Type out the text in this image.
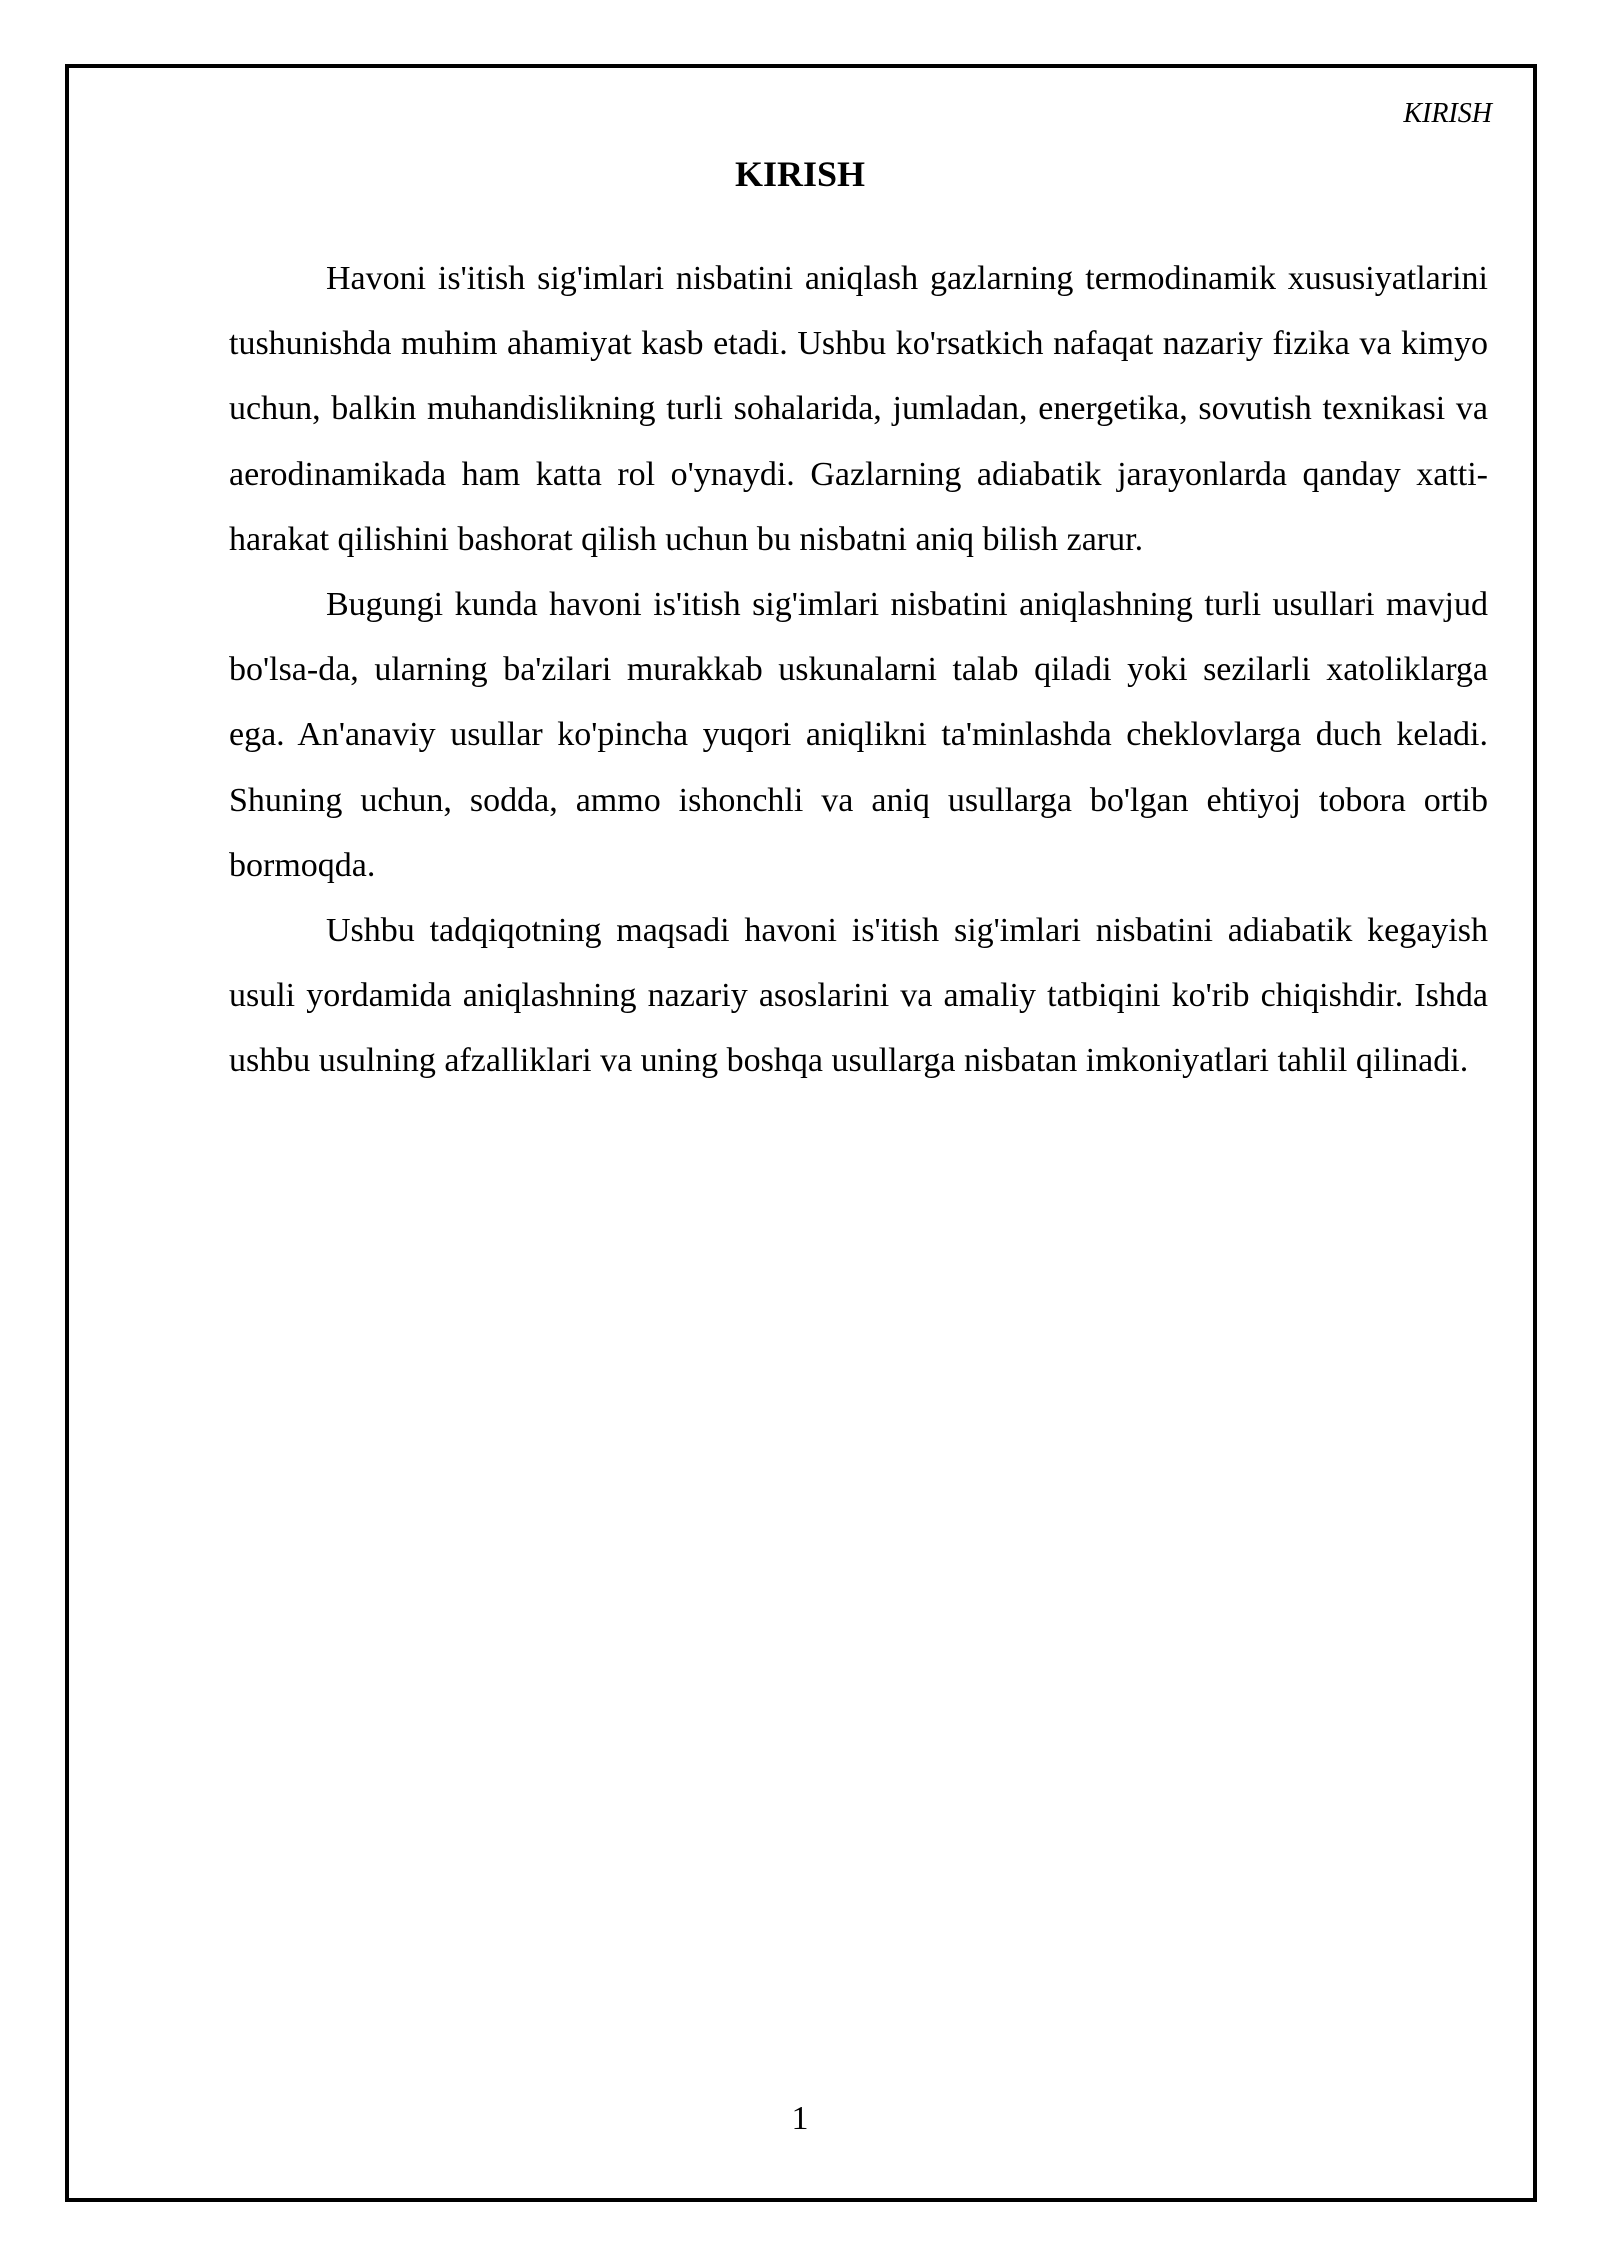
KIRISH
KIRISH

Havoni is'itish sig'imlari nisbatini aniqlash gazlarning termodinamik xususiyatlarini tushunishda muhim ahamiyat kasb etadi. Ushbu ko'rsatkich nafaqat nazariy fizika va kimyo uchun, balkin muhandislikning turli sohalarida, jumladan, energetika, sovutish texnikasi va aerodinamikada ham katta rol o'ynaydi. Gazlarning adiabatik jarayonlarda qanday xatti-harakat qilishini bashorat qilish uchun bu nisbatni aniq bilish zarur.

Bugungi kunda havoni is'itish sig'imlari nisbatini aniqlashning turli usullari mavjud bo'lsa-da, ularning ba'zilari murakkab uskunalarni talab qiladi yoki sezilarli xatoliklarga ega. An'anaviy usullar ko'pincha yuqori aniqlikni ta'minlashda cheklovlarga duch keladi. Shuning uchun, sodda, ammo ishonchli va aniq usullarga bo'lgan ehtiyoj tobora ortib bormoqda.

Ushbu tadqiqotning maqsadi havoni is'itish sig'imlari nisbatini adiabatik kegayish usuli yordamida aniqlashning nazariy asoslarini va amaliy tatbiqini ko'rib chiqishdir. Ishda ushbu usulning afzalliklari va uning boshqa usullarga nisbatan imkoniyatlari tahlil qilinadi.

1
